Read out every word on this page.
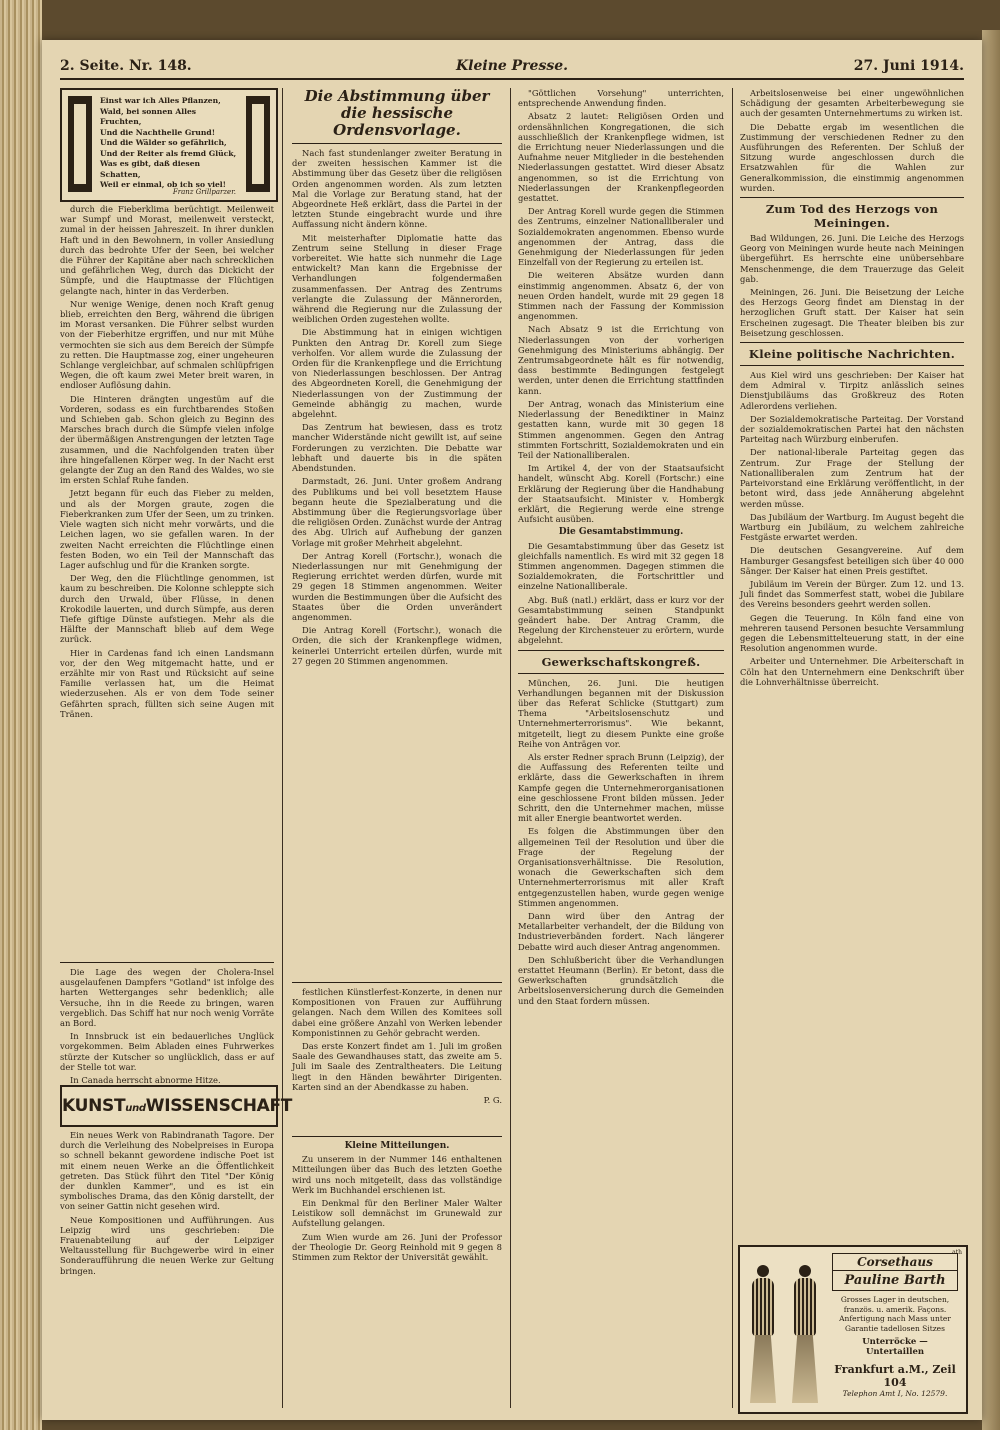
2. Seite. Nr. 148.	Kleine Presse.	27. Juni 1914.
Einst war ich Alles Pflanzen,
Wald, bei sonnen Alles Fruchten,
Und die Nachthelle Grund!
Und die Wälder so gefährlich,
Und der Reiter als fremd Glück,
Was es gibt, daß diesen Schatten,
Weil er einmal, ob ich so viel!
Franz Grillparzer.

durch die Fieberklima berüchtigt. Meilenweit war Sumpf und Morast, meilenweit versteckt, zumal in der heissen Jahreszeit. In ihrer dunklen Haft und in den Bewohnern, in voller Ansiedlung durch das bedrohte Ufer der Seen, bei welcher die Führer der Kapitäne aber nach schrecklichen und gefährlichen Weg, durch das Dickicht der Sümpfe, und die Hauptmasse der Flüchtigen gelangte nach, hinter in das Verderben.

Nur wenige Wenige, denen noch Kraft genug blieb, erreichten den Berg, während die übrigen im Morast versanken. Die Führer selbst wurden von der Fieberhitze ergriffen, und nur mit Mühe vermochten sie sich aus dem Bereich der Sümpfe zu retten. Die Hauptmasse zog, einer ungeheuren Schlange vergleichbar, auf schmalen schlüpfrigen Wegen, die oft kaum zwei Meter breit waren, in endloser Auflösung dahin.

Die Hinteren drängten ungestüm auf die Vorderen, sodass es ein furchtbarendes Stoßen und Schieben gab. Schon gleich zu Beginn des Marsches brach durch die Sümpfe vielen infolge der übermäßigen Anstrengungen der letzten Tage zusammen, und die Nachfolgenden traten über ihre hingefallenen Körper weg. In der Nacht erst gelangte der Zug an den Rand des Waldes, wo sie im ersten Schlaf Ruhe fanden.

Jetzt begann für euch das Fieber zu melden, und als der Morgen graute, zogen die Fieberkranken zum Ufer der Seen, um zu trinken. Viele wagten sich nicht mehr vorwärts, und die Leichen lagen, wo sie gefallen waren. In der zweiten Nacht erreichten die Flüchtlinge einen festen Boden, wo ein Teil der Mannschaft das Lager aufschlug und für die Kranken sorgte.

Der Weg, den die Flüchtlinge genommen, ist kaum zu beschreiben. Die Kolonne schleppte sich durch den Urwald, über Flüsse, in denen Krokodile lauerten, und durch Sümpfe, aus deren Tiefe giftige Dünste aufstiegen. Mehr als die Hälfte der Mannschaft blieb auf dem Wege zurück.

Hier in Cardenas fand ich einen Landsmann vor, der den Weg mitgemacht hatte, und er erzählte mir von Rast und Rücksicht auf seine Familie verlassen hat, um die Heimat wiederzusehen. Als er von dem Tode seiner Gefährten sprach, füllten sich seine Augen mit Tränen.

Die Lage des wegen der Cholera-Insel ausgelaufenen Dampfers "Gotland" ist infolge des harten Wetterganges sehr bedenklich; alle Versuche, ihn in die Reede zu bringen, waren vergeblich. Das Schiff hat nur noch wenig Vorräte an Bord.

In Innsbruck ist ein bedauerliches Unglück vorgekommen. Beim Abladen eines Fuhrwerkes stürzte der Kutscher so unglücklich, dass er auf der Stelle tot war.

In Canada herrscht abnorme Hitze.

KUNSTundWISSENSCHAFT

Ein neues Werk von Rabindranath Tagore. Der durch die Verleihung des Nobelpreises in Europa so schnell bekannt gewordene indische Poet ist mit einem neuen Werke an die Öffentlichkeit getreten. Das Stück führt den Titel "Der König der dunklen Kammer", und es ist ein symbolisches Drama, das den König darstellt, der von seiner Gattin nicht gesehen wird.

Neue Kompositionen und Aufführungen. Aus Leipzig wird uns geschrieben: Die Frauenabteilung auf der Leipziger Weltausstellung für Buchgewerbe wird in einer Sonderaufführung die neuen Werke zur Geltung bringen.

Die Abstimmung über
die hessische Ordensvorlage.

Nach fast stundenlanger zweiter Beratung in der zweiten hessischen Kammer ist die Abstimmung über das Gesetz über die religiösen Orden angenommen worden. Als zum letzten Mal die Vorlage zur Beratung stand, hat der Abgeordnete Heß erklärt, dass die Partei in der letzten Stunde eingebracht wurde und ihre Auffassung nicht ändern könne.

Mit meisterhafter Diplomatie hatte das Zentrum seine Stellung in dieser Frage vorbereitet. Wie hatte sich nunmehr die Lage entwickelt? Man kann die Ergebnisse der Verhandlungen folgendermaßen zusammenfassen. Der Antrag des Zentrums verlangte die Zulassung der Männerorden, während die Regierung nur die Zulassung der weiblichen Orden zugestehen wollte.

Die Abstimmung hat in einigen wichtigen Punkten den Antrag Dr. Korell zum Siege verholfen. Vor allem wurde die Zulassung der Orden für die Krankenpflege und die Errichtung von Niederlassungen beschlossen. Der Antrag des Abgeordneten Korell, die Genehmigung der Niederlassungen von der Zustimmung der Gemeinde abhängig zu machen, wurde abgelehnt.

Das Zentrum hat bewiesen, dass es trotz mancher Widerstände nicht gewillt ist, auf seine Forderungen zu verzichten. Die Debatte war lebhaft und dauerte bis in die späten Abendstunden.

Darmstadt, 26. Juni. Unter großem Andrang des Publikums und bei voll besetztem Hause begann heute die Spezialberatung und die Abstimmung über die Regierungsvorlage über die religiösen Orden. Zunächst wurde der Antrag des Abg. Ulrich auf Aufhebung der ganzen Vorlage mit großer Mehrheit abgelehnt.

Der Antrag Korell (Fortschr.), wonach die Niederlassungen nur mit Genehmigung der Regierung errichtet werden dürfen, wurde mit 29 gegen 18 Stimmen angenommen. Weiter wurden die Bestimmungen über die Aufsicht des Staates über die Orden unverändert angenommen.

Die Antrag Korell (Fortschr.), wonach die Orden, die sich der Krankenpflege widmen, keinerlei Unterricht erteilen dürfen, wurde mit 27 gegen 20 Stimmen angenommen.

festlichen Künstlerfest-Konzerte, in denen nur Kompositionen von Frauen zur Aufführung gelangen. Nach dem Willen des Komitees soll dabei eine größere Anzahl von Werken lebender Komponistinnen zu Gehör gebracht werden.

Das erste Konzert findet am 1. Juli im großen Saale des Gewandhauses statt, das zweite am 5. Juli im Saale des Zentraltheaters. Die Leitung liegt in den Händen bewährter Dirigenten. Karten sind an der Abendkasse zu haben.

P. G.
Kleine Mitteilungen.

Zu unserem in der Nummer 146 enthaltenen Mitteilungen über das Buch des letzten Goethe wird uns noch mitgeteilt, dass das vollständige Werk im Buchhandel erschienen ist.

Ein Denkmal für den Berliner Maler Walter Leistikow soll demnächst im Grunewald zur Aufstellung gelangen.

Zum Wien wurde am 26. Juni der Professor der Theologie Dr. Georg Reinhold mit 9 gegen 8 Stimmen zum Rektor der Universität gewählt.

"Göttlichen Vorsehung" unterrichten, entsprechende Anwendung finden.

Absatz 2 lautet: Religiösen Orden und ordensähnlichen Kongregationen, die sich ausschließlich der Krankenpflege widmen, ist die Errichtung neuer Niederlassungen und die Aufnahme neuer Mitglieder in die bestehenden Niederlassungen gestattet. Wird dieser Absatz angenommen, so ist die Errichtung von Niederlassungen der Krankenpflegeorden gestattet.

Der Antrag Korell wurde gegen die Stimmen des Zentrums, einzelner Nationalliberaler und Sozialdemokraten angenommen. Ebenso wurde angenommen der Antrag, dass die Genehmigung der Niederlassungen für jeden Einzelfall von der Regierung zu erteilen ist.

Die weiteren Absätze wurden dann einstimmig angenommen. Absatz 6, der von neuen Orden handelt, wurde mit 29 gegen 18 Stimmen nach der Fassung der Kommission angenommen.

Nach Absatz 9 ist die Errichtung von Niederlassungen von der vorherigen Genehmigung des Ministeriums abhängig. Der Zentrumsabgeordnete hält es für notwendig, dass bestimmte Bedingungen festgelegt werden, unter denen die Errichtung stattfinden kann.

Der Antrag, wonach das Ministerium eine Niederlassung der Benediktiner in Mainz gestatten kann, wurde mit 30 gegen 18 Stimmen angenommen. Gegen den Antrag stimmten Fortschritt, Sozialdemokraten und ein Teil der Nationalliberalen.

Im Artikel 4, der von der Staatsaufsicht handelt, wünscht Abg. Korell (Fortschr.) eine Erklärung der Regierung über die Handhabung der Staatsaufsicht. Minister v. Hombergk erklärt, die Regierung werde eine strenge Aufsicht ausüben.

Die Gesamtabstimmung.

Die Gesamtabstimmung über das Gesetz ist gleichfalls namentlich. Es wird mit 32 gegen 18 Stimmen angenommen. Dagegen stimmen die Sozialdemokraten, die Fortschrittler und einzelne Nationalliberale.

Abg. Buß (natl.) erklärt, dass er kurz vor der Gesamtabstimmung seinen Standpunkt geändert habe. Der Antrag Cramm, die Regelung der Kirchensteuer zu erörtern, wurde abgelehnt.

Gewerkschaftskongreß.

München, 26. Juni. Die heutigen Verhandlungen begannen mit der Diskussion über das Referat Schlicke (Stuttgart) zum Thema "Arbeitslosenschutz und Unternehmerterrorismus". Wie bekannt, mitgeteilt, liegt zu diesem Punkte eine große Reihe von Anträgen vor.

Als erster Redner sprach Brunn (Leipzig), der die Auffassung des Referenten teilte und erklärte, dass die Gewerkschaften in ihrem Kampfe gegen die Unternehmerorganisationen eine geschlossene Front bilden müssen. Jeder Schritt, den die Unternehmer machen, müsse mit aller Energie beantwortet werden.

Es folgen die Abstimmungen über den allgemeinen Teil der Resolution und über die Frage der Regelung der Organisationsverhältnisse. Die Resolution, wonach die Gewerkschaften sich dem Unternehmerterrorismus mit aller Kraft entgegenzustellen haben, wurde gegen wenige Stimmen angenommen.

Dann wird über den Antrag der Metallarbeiter verhandelt, der die Bildung von Industrieverbänden fordert. Nach längerer Debatte wird auch dieser Antrag angenommen.

Den Schlußbericht über die Verhandlungen erstattet Heumann (Berlin). Er betont, dass die Gewerkschaften grundsätzlich die Arbeitslosenversicherung durch die Gemeinden und den Staat fordern müssen.

Arbeitslosenweise bei einer ungewöhnlichen Schädigung der gesamten Arbeiterbewegung sie auch der gesamten Unternehmertums zu wirken ist.

Die Debatte ergab im wesentlichen die Zustimmung der verschiedenen Redner zu den Ausführungen des Referenten. Der Schluß der Sitzung wurde angeschlossen durch die Ersatzwahlen für die Wahlen zur Generalkommission, die einstimmig angenommen wurden.

Zum Tod des Herzogs von Meiningen.

Bad Wildungen, 26. Juni. Die Leiche des Herzogs Georg von Meiningen wurde heute nach Meiningen übergeführt. Es herrschte eine unübersehbare Menschenmenge, die dem Trauerzuge das Geleit gab.

Meiningen, 26. Juni. Die Beisetzung der Leiche des Herzogs Georg findet am Dienstag in der herzoglichen Gruft statt. Der Kaiser hat sein Erscheinen zugesagt. Die Theater bleiben bis zur Beisetzung geschlossen.

Kleine politische Nachrichten.

Aus Kiel wird uns geschrieben: Der Kaiser hat dem Admiral v. Tirpitz anlässlich seines Dienstjubiläums das Großkreuz des Roten Adlerordens verliehen.

Der Sozialdemokratische Parteitag. Der Vorstand der sozialdemokratischen Partei hat den nächsten Parteitag nach Würzburg einberufen.

Der national-liberale Parteitag gegen das Zentrum. Zur Frage der Stellung der Nationalliberalen zum Zentrum hat der Parteivorstand eine Erklärung veröffentlicht, in der betont wird, dass jede Annäherung abgelehnt werden müsse.

Das Jubiläum der Wartburg. Im August begeht die Wartburg ein Jubiläum, zu welchem zahlreiche Festgäste erwartet werden.

Die deutschen Gesangvereine. Auf dem Hamburger Gesangsfest beteiligen sich über 40 000 Sänger. Der Kaiser hat einen Preis gestiftet.

Jubiläum im Verein der Bürger. Zum 12. und 13. Juli findet das Sommerfest statt, wobei die Jubilare des Vereins besonders geehrt werden sollen.

Gegen die Teuerung. In Köln fand eine von mehreren tausend Personen besuchte Versammlung gegen die Lebensmittelteuerung statt, in der eine Resolution angenommen wurde.

Arbeiter und Unternehmer. Die Arbeiterschaft in Cöln hat den Unternehmern eine Denkschrift über die Lohnverhältnisse überreicht.

ath
Corsethaus
Pauline Barth
Grosses Lager in deutschen, französ. u. amerik. Façons. Anfertigung nach Mass unter Garantie tadellosen Sitzes
Unterröcke — Untertaillen
Frankfurt a.M., Zeil 104
Telephon Amt I, No. 12579.
